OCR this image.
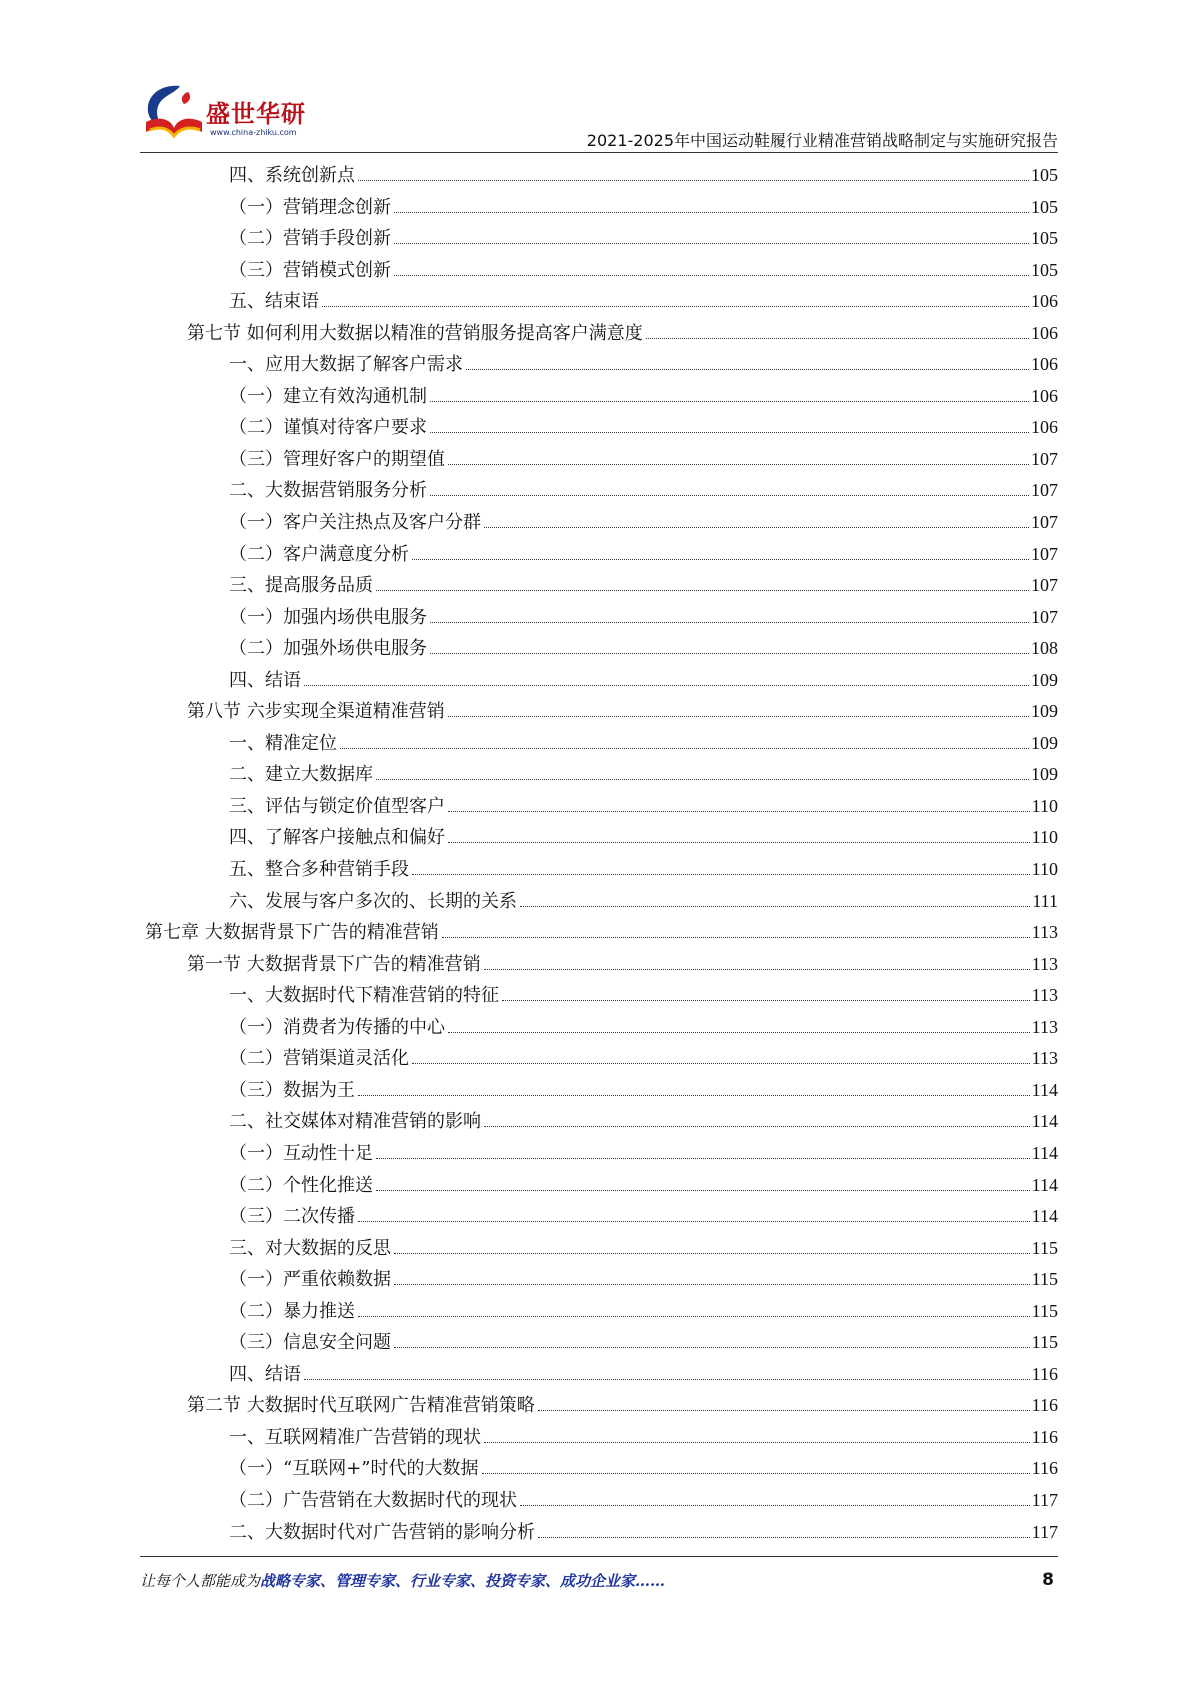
盛世华研
www.china-zhiku.com	2021-2025年中国运动鞋履行业精准营销战略制定与实施研究报告
四、系统创新点	105
（一）营销理念创新	105
（二）营销手段创新	105
（三）营销模式创新	105
五、结束语	106
第七节 如何利用大数据以精准的营销服务提高客户满意度	106
一、应用大数据了解客户需求	106
（一）建立有效沟通机制	106
（二）谨慎对待客户要求	106
（三）管理好客户的期望值	107
二、大数据营销服务分析	107
（一）客户关注热点及客户分群	107
（二）客户满意度分析	107
三、提高服务品质	107
（一）加强内场供电服务	107
（二）加强外场供电服务	108
四、结语	109
第八节 六步实现全渠道精准营销	109
一、精准定位	109
二、建立大数据库	109
三、评估与锁定价值型客户	110
四、了解客户接触点和偏好	110
五、整合多种营销手段	110
六、发展与客户多次的、长期的关系	111
第七章 大数据背景下广告的精准营销	113
第一节 大数据背景下广告的精准营销	113
一、大数据时代下精准营销的特征	113
（一）消费者为传播的中心	113
（二）营销渠道灵活化	113
（三）数据为王	114
二、社交媒体对精准营销的影响	114
（一）互动性十足	114
（二）个性化推送	114
（三）二次传播	114
三、对大数据的反思	115
（一）严重依赖数据	115
（二）暴力推送	115
（三）信息安全问题	115
四、结语	116
第二节 大数据时代互联网广告精准营销策略	116
一、互联网精准广告营销的现状	116
（一）“互联网+”时代的大数据	116
（二）广告营销在大数据时代的现状	117
二、大数据时代对广告营销的影响分析	117
让每个人都能成为战略专家、管理专家、行业专家、投资专家、成功企业家……	8
